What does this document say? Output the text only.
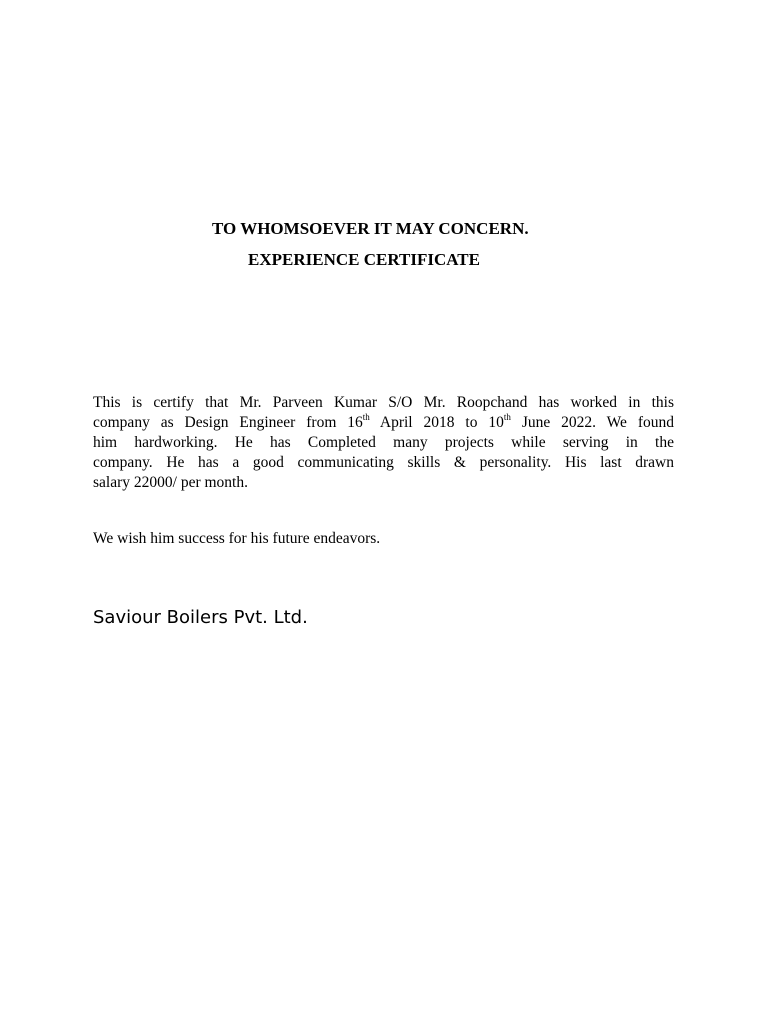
TO WHOMSOEVER IT MAY CONCERN.
EXPERIENCE CERTIFICATE
This is certify that Mr. Parveen Kumar S/O Mr. Roopchand has worked in this
company as Design Engineer from 16th April 2018 to 10th June 2022. We found
him hardworking. He has Completed many projects while serving in the
company. He has a good communicating skills & personality. His last drawn
salary 22000/ per month.

We wish him success for his future endeavors.

Saviour Boilers Pvt. Ltd.
